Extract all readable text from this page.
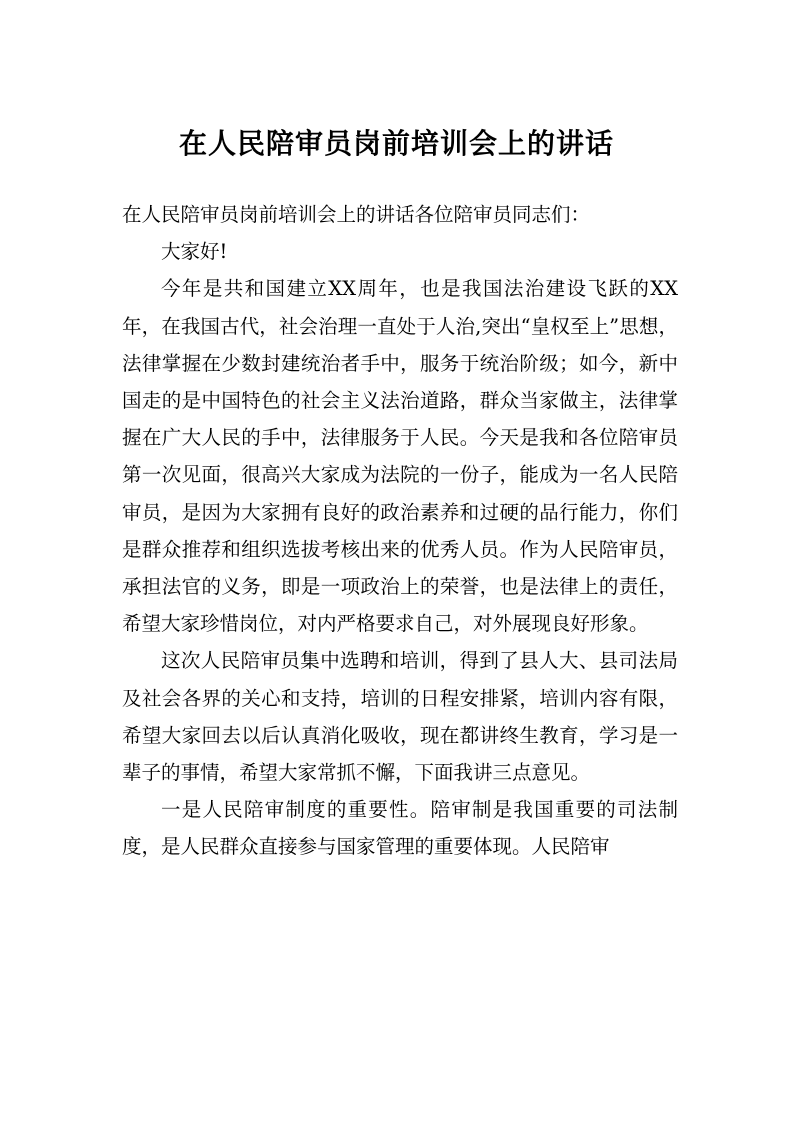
在人民陪审员岗前培训会上的讲话

在人民陪审员岗前培训会上的讲话各位陪审员同志们：

大家好!

今年是共和国建立XX周年，也是我国法治建设飞跃的XX年，在我国古代，社会治理一直处于人治,突出“皇权至上”思想，法律掌握在少数封建统治者手中，服务于统治阶级；如今，新中国走的是中国特色的社会主义法治道路，群众当家做主，法律掌握在广大人民的手中，法律服务于人民。今天是我和各位陪审员第一次见面，很高兴大家成为法院的一份子，能成为一名人民陪审员，是因为大家拥有良好的政治素养和过硬的品行能力，你们是群众推荐和组织选拔考核出来的优秀人员。作为人民陪审员，承担法官的义务，即是一项政治上的荣誉，也是法律上的责任，希望大家珍惜岗位，对内严格要求自己，对外展现良好形象。

这次人民陪审员集中选聘和培训，得到了县人大、县司法局及社会各界的关心和支持，培训的日程安排紧，培训内容有限，希望大家回去以后认真消化吸收，现在都讲终生教育，学习是一辈子的事情，希望大家常抓不懈，下面我讲三点意见。

一是人民陪审制度的重要性。陪审制是我国重要的司法制度，是人民群众直接参与国家管理的重要体现。人民陪审
